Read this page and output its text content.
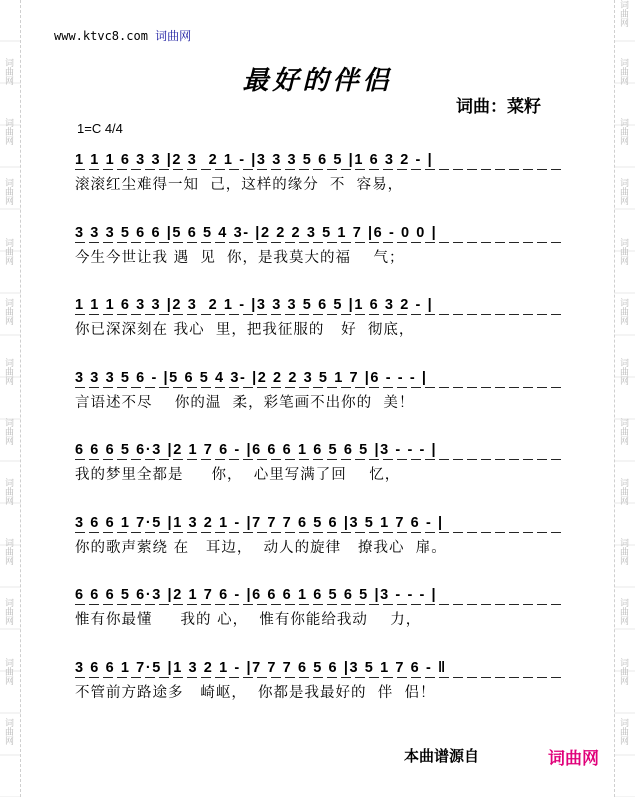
词曲网
词曲网
词曲网
词曲网
词曲网
词曲网
词曲网
词曲网
词曲网
词曲网
词曲网
词曲网
词曲网
词曲网
词曲网
词曲网
词曲网
词曲网
词曲网
词曲网
词曲网
词曲网
词曲网
词曲网
词曲网
www.ktvc8.com 词曲网
最好的伴侣
词曲：菜籽
1=C 4/4
1 1 1 6 3 3 |2 3  2 1 - |3 3 3 5 6 5 |1 6 3 2 - |
滚滚红尘难得一知  己，这样的缘分  不  容易，
3 3 3 5 6 6 |5 6 5 4 3- |2 2 2 3 5 1 7 |6 - 0 0 |
今生今世让我 遇  见  你，是我莫大的福    气；
1 1 1 6 3 3 |2 3  2 1 - |3 3 3 5 6 5 |1 6 3 2 - |
你已深深刻在 我心  里，把我征服的   好  彻底，
3 3 3 5 6 - |5 6 5 4 3- |2 2 2 3 5 1 7 |6 - - - |
言语述不尽    你的温  柔，彩笔画不出你的  美！
6 6 6 5 6·3 |2 1 7 6 - |6 6 6 1 6 5 6 5 |3 - - - |
我的梦里全都是     你，  心里写满了回    忆，
3 6 6 1 7·5 |1 3 2 1 - |7 7 7 6 5 6 |3 5 1 7 6 - |
你的歌声萦绕 在   耳边，  动人的旋律   撩我心  扉。
6 6 6 5 6·3 |2 1 7 6 - |6 6 6 1 6 5 6 5 |3 - - - |
惟有你最懂     我的 心，  惟有你能给我动    力，
3 6 6 1 7·5 |1 3 2 1 - |7 7 7 6 5 6 |3 5 1 7 6 - ‖
不管前方路途多   崎岖，  你都是我最好的  伴  侣！
本曲谱源自	词曲网
